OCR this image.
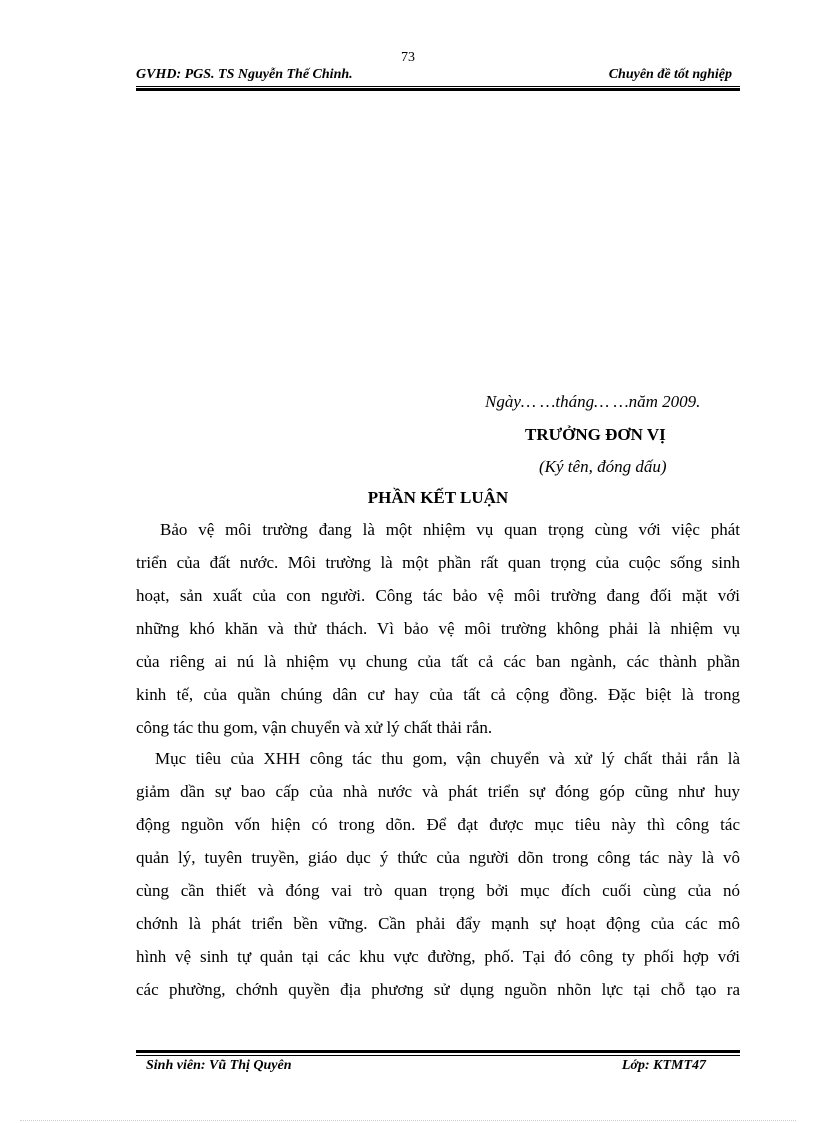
73
GVHD: PGS. TS Nguyễn Thế Chinh.	Chuyên đề tốt nghiệp
Ngày… …tháng… …năm 2009.
TRƯỞNG ĐƠN VỊ
(Ký tên, đóng dấu)
PHẦN KẾT LUẬN
Bảo vệ môi trường đang là một nhiệm vụ quan trọng cùng với việc phát
triển của đất nước. Môi trường là một phần rất quan trọng của cuộc sống sinh
hoạt, sản xuất của con người. Công tác bảo vệ môi trường đang đối mặt với
những khó khăn và thử thách. Vì bảo vệ môi trường không phải là nhiệm vụ
của riêng ai nú là nhiệm vụ chung của tất cả các ban ngành, các thành phần
kinh tế, của quần chúng dân cư hay của tất cả cộng đồng. Đặc biệt là trong
công tác thu gom, vận chuyển và xử lý chất thải rắn.
Mục tiêu của XHH công tác thu gom, vận chuyển và xử lý chất thải rắn là
giảm dần sự bao cấp của nhà nước và phát triển sự đóng góp cũng như huy
động nguồn vốn hiện có trong dõn. Để đạt được mục tiêu này thì công tác
quản lý, tuyên truyền, giáo dục ý thức của người dõn trong công tác này là vô
cùng cần thiết và đóng vai trò quan trọng bởi mục đích cuối cùng của nó
chớnh là phát triển bền vững. Cần phải đẩy mạnh sự hoạt động của các mô
hình vệ sinh tự quản tại các khu vực đường, phố. Tại đó công ty phối hợp với
các phường, chớnh quyền địa phương sử dụng nguồn nhõn lực tại chỗ tạo ra
Sinh viên: Vũ Thị Quyên	Lớp: KTMT47
